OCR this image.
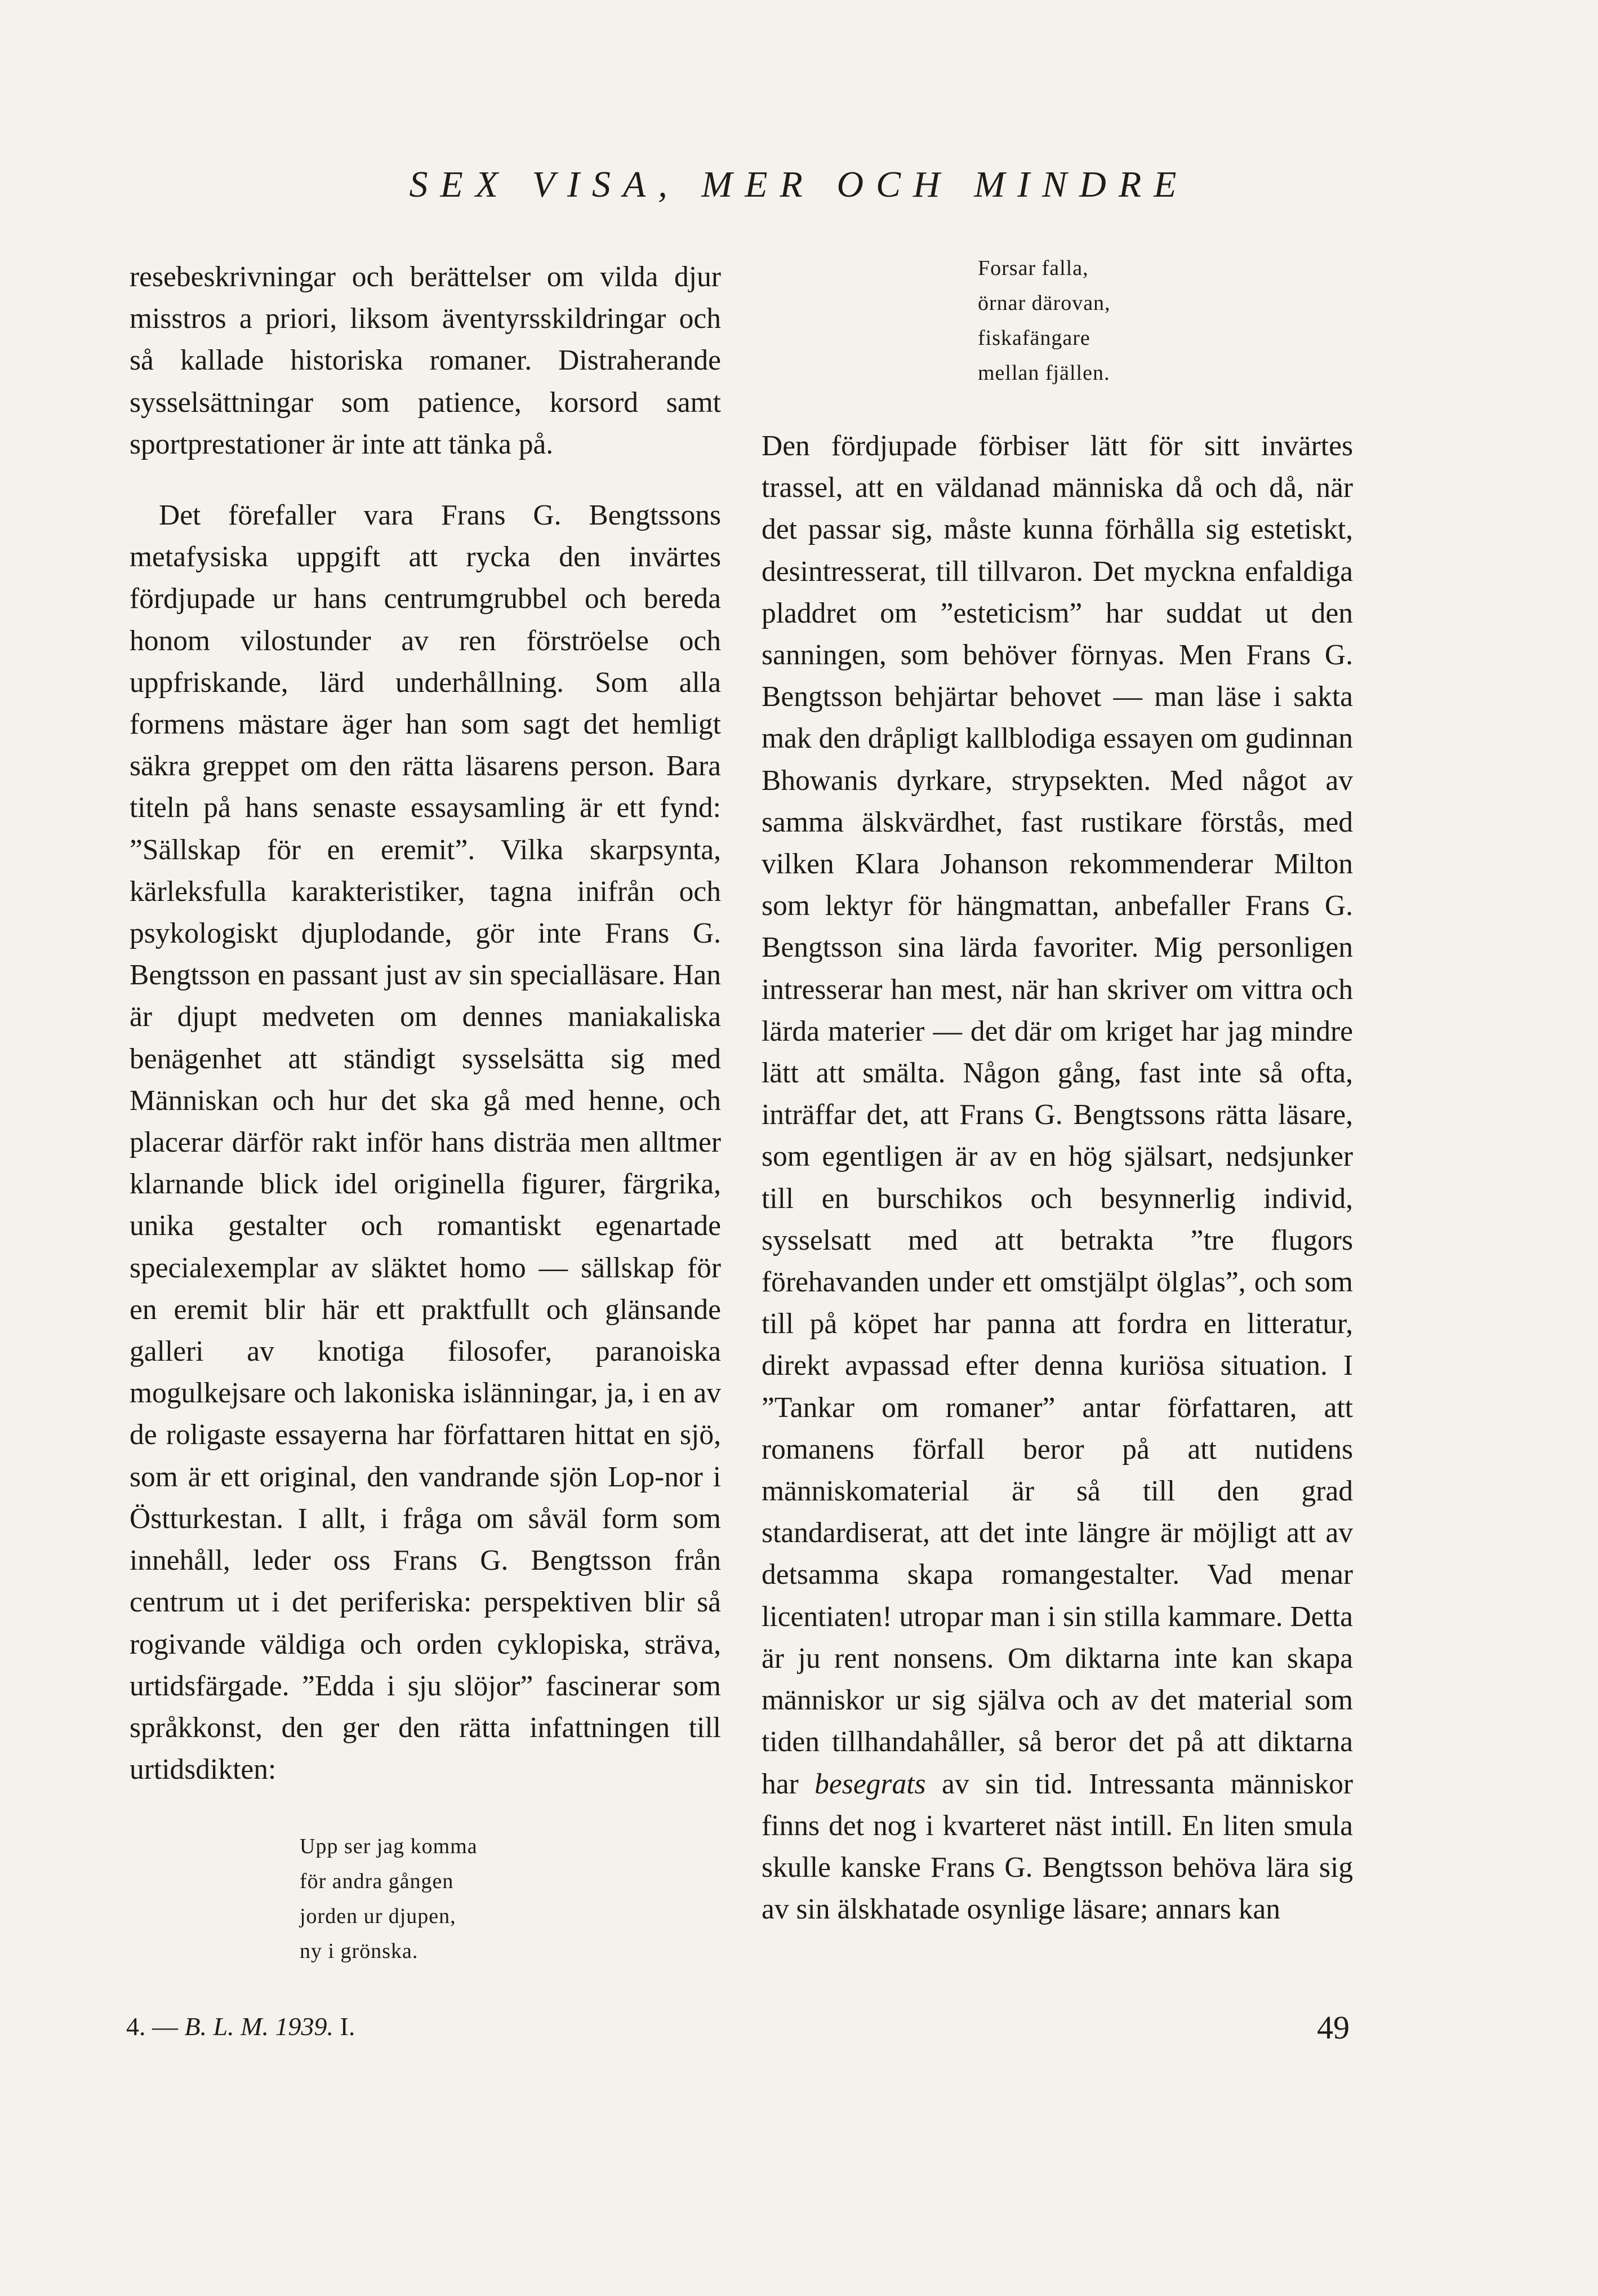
SEX VISA, MER OCH MINDRE

resebeskrivningar och berättelser om vilda djur misstros a priori, liksom äventyrsskildringar och så kallade historiska romaner. Distraherande sysselsättningar som patience, korsord samt sportprestationer är inte att tänka på.

Det förefaller vara Frans G. Bengtssons metafysiska uppgift att rycka den invärtes fördjupade ur hans centrumgrubbel och bereda honom vilostunder av ren förströelse och uppfriskande, lärd underhållning. Som alla formens mästare äger han som sagt det hemligt säkra greppet om den rätta läsarens person. Bara titeln på hans senaste essaysamling är ett fynd: ”Sällskap för en eremit”. Vilka skarpsynta, kärleksfulla karakteristiker, tagna inifrån och psykologiskt djuplodande, gör inte Frans G. Bengtsson en passant just av sin specialläsare. Han är djupt medveten om dennes maniakaliska benägenhet att ständigt sysselsätta sig med Människan och hur det ska gå med henne, och placerar därför rakt inför hans disträa men alltmer klarnande blick idel originella figurer, färgrika, unika gestalter och romantiskt egenartade specialexemplar av släktet homo — sällskap för en eremit blir här ett praktfullt och glänsande galleri av knotiga filosofer, paranoiska mogulkejsare och lakoniska islänningar, ja, i en av de roligaste essayerna har författaren hittat en sjö, som är ett original, den vandrande sjön Lop-nor i Östturkestan. I allt, i fråga om såväl form som innehåll, leder oss Frans G. Bengtsson från centrum ut i det periferiska: perspektiven blir så rogivande väldiga och orden cyklopiska, sträva, urtidsfärgade. ”Edda i sju slöjor” fascinerar som språkkonst, den ger den rätta infattningen till urtidsdikten:

Upp ser jag komma
för andra gången
jorden ur djupen,
ny i grönska.
Forsar falla,
örnar därovan,
fiskafängare
mellan fjällen.

Den fördjupade förbiser lätt för sitt invärtes trassel, att en väldanad människa då och då, när det passar sig, måste kunna förhålla sig estetiskt, desintresserat, till tillvaron. Det myckna enfaldiga pladdret om ”esteticism” har suddat ut den sanningen, som behöver förnyas. Men Frans G. Bengtsson behjärtar behovet — man läse i sakta mak den dråpligt kallblodiga essayen om gudinnan Bhowanis dyrkare, strypsekten. Med något av samma älskvärdhet, fast rustikare förstås, med vilken Klara Johanson rekommenderar Milton som lektyr för hängmattan, anbefaller Frans G. Bengtsson sina lärda favoriter. Mig personligen intresserar han mest, när han skriver om vittra och lärda materier — det där om kriget har jag mindre lätt att smälta. Någon gång, fast inte så ofta, inträffar det, att Frans G. Bengtssons rätta läsare, som egentligen är av en hög själsart, nedsjunker till en burschikos och besynnerlig individ, sysselsatt med att betrakta ”tre flugors förehavanden under ett omstjälpt ölglas”, och som till på köpet har panna att fordra en litteratur, direkt avpassad efter denna kuriösa situation. I ”Tankar om romaner” antar författaren, att romanens förfall beror på att nutidens människomaterial är så till den grad standardiserat, att det inte längre är möjligt att av detsamma skapa romangestalter. Vad menar licentiaten! utropar man i sin stilla kammare. Detta är ju rent nonsens. Om diktarna inte kan skapa människor ur sig själva och av det material som tiden tillhandahåller, så beror det på att diktarna har besegrats av sin tid. Intressanta människor finns det nog i kvarteret näst intill. En liten smula skulle kanske Frans G. Bengtsson behöva lära sig av sin älskhatade osynlige läsare; annars kan

4. — B. L. M. 1939. I.	49
